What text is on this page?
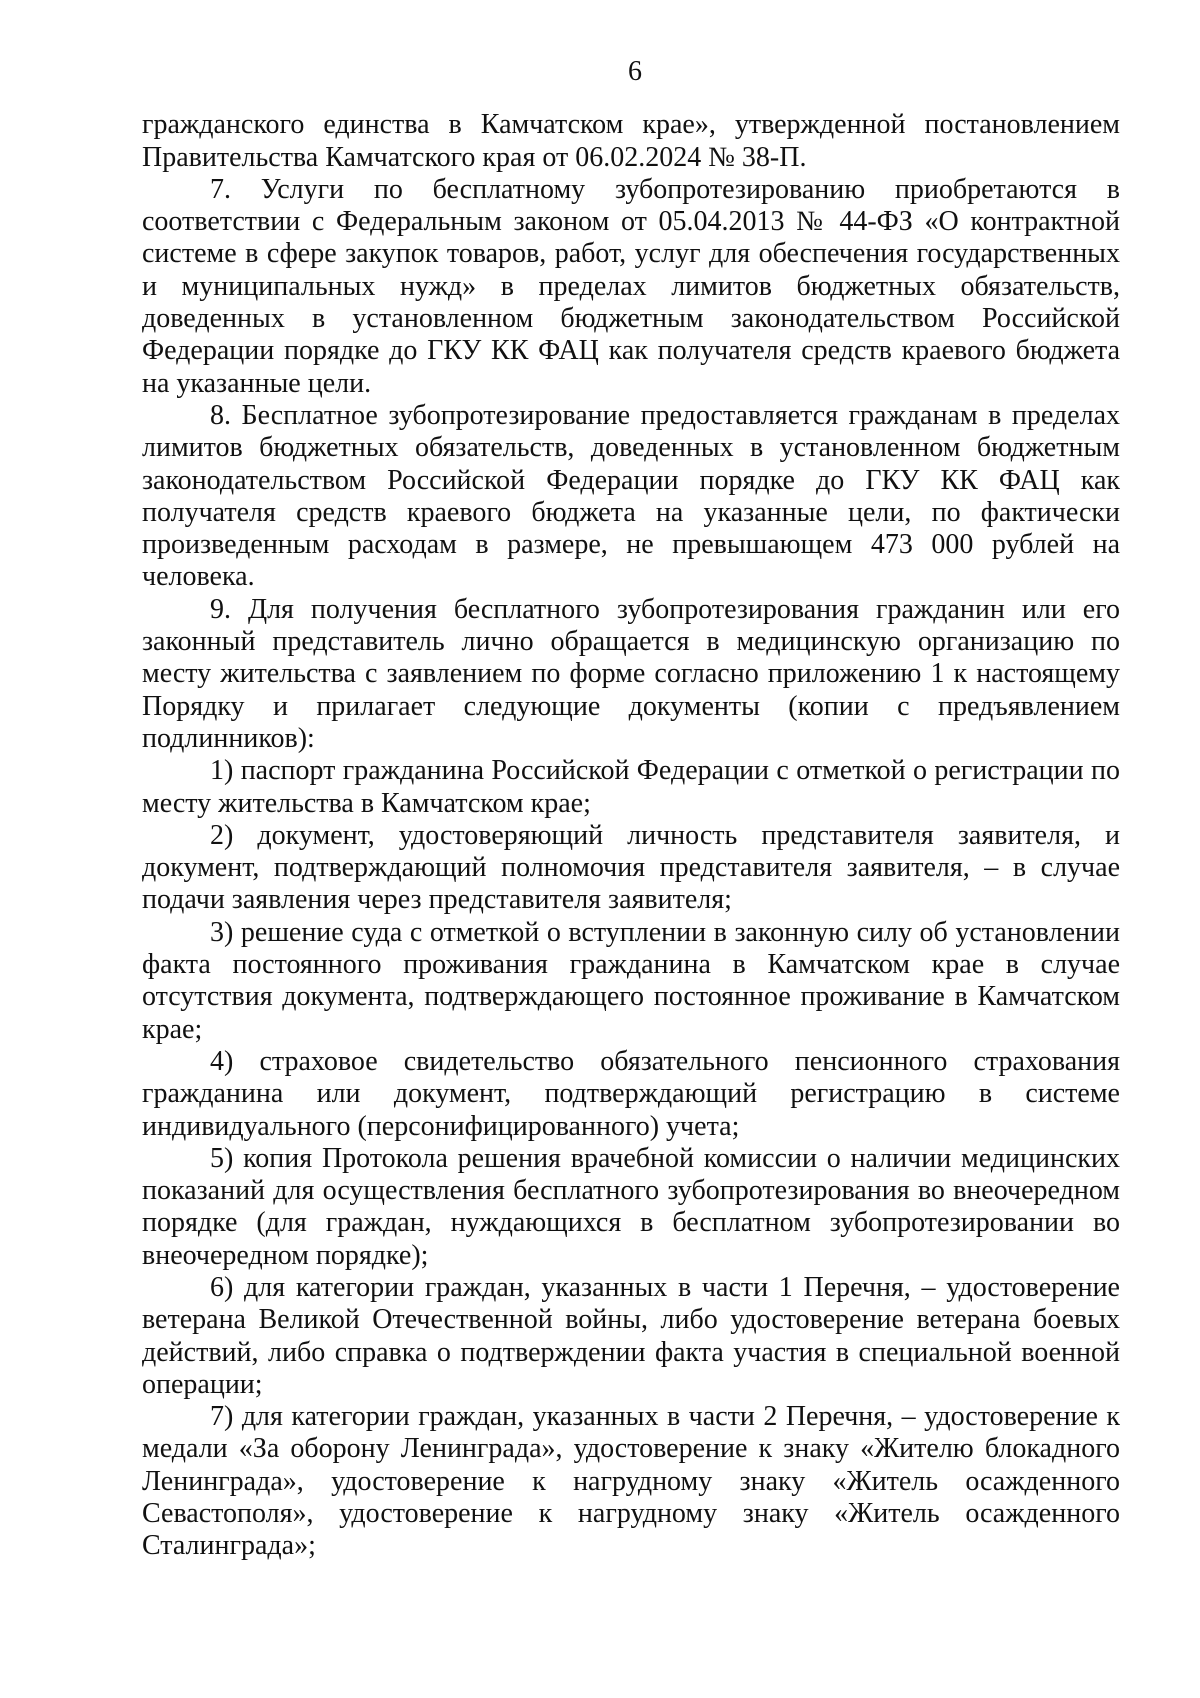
6

гражданского единства в Камчатском крае», утвержденной постановлением Правительства Камчатского края от 06.02.2024 № 38-П.

7. Услуги по бесплатному зубопротезированию приобретаются в соответствии с Федеральным законом от 05.04.2013 № 44-ФЗ «О контрактной системе в сфере закупок товаров, работ, услуг для обеспечения государственных и муниципальных нужд» в пределах лимитов бюджетных обязательств, доведенных в установленном бюджетным законодательством Российской Федерации порядке до ГКУ КК ФАЦ как получателя средств краевого бюджета на указанные цели.

8. Бесплатное зубопротезирование предоставляется гражданам в пределах лимитов бюджетных обязательств, доведенных в установленном бюджетным законодательством Российской Федерации порядке до ГКУ КК ФАЦ как получателя средств краевого бюджета на указанные цели, по фактически произведенным расходам в размере, не превышающем 473 000 рублей на человека.

9. Для получения бесплатного зубопротезирования гражданин или его законный представитель лично обращается в медицинскую организацию по месту жительства с заявлением по форме согласно приложению 1 к настоящему Порядку и прилагает следующие документы (копии с предъявлением подлинников):

1) паспорт гражданина Российской Федерации с отметкой о регистрации по месту жительства в Камчатском крае;

2) документ, удостоверяющий личность представителя заявителя, и документ, подтверждающий полномочия представителя заявителя, – в случае подачи заявления через представителя заявителя;

3) решение суда с отметкой о вступлении в законную силу об установлении факта постоянного проживания гражданина в Камчатском крае в случае отсутствия документа, подтверждающего постоянное проживание в Камчатском крае;

4) страховое свидетельство обязательного пенсионного страхования гражданина или документ, подтверждающий регистрацию в системе индивидуального (персонифицированного) учета;

5) копия Протокола решения врачебной комиссии о наличии медицинских показаний для осуществления бесплатного зубопротезирования во внеочередном порядке (для граждан, нуждающихся в бесплатном зубопротезировании во внеочередном порядке);

6) для категории граждан, указанных в части 1 Перечня, – удостоверение ветерана Великой Отечественной войны, либо удостоверение ветерана боевых действий, либо справка о подтверждении факта участия в специальной военной операции;

7) для категории граждан, указанных в части 2 Перечня, – удостоверение к медали «За оборону Ленинграда», удостоверение к знаку «Жителю блокадного Ленинграда», удостоверение к нагрудному знаку «Житель осажденного Севастополя», удостоверение к нагрудному знаку «Житель осажденного Сталинграда»;
